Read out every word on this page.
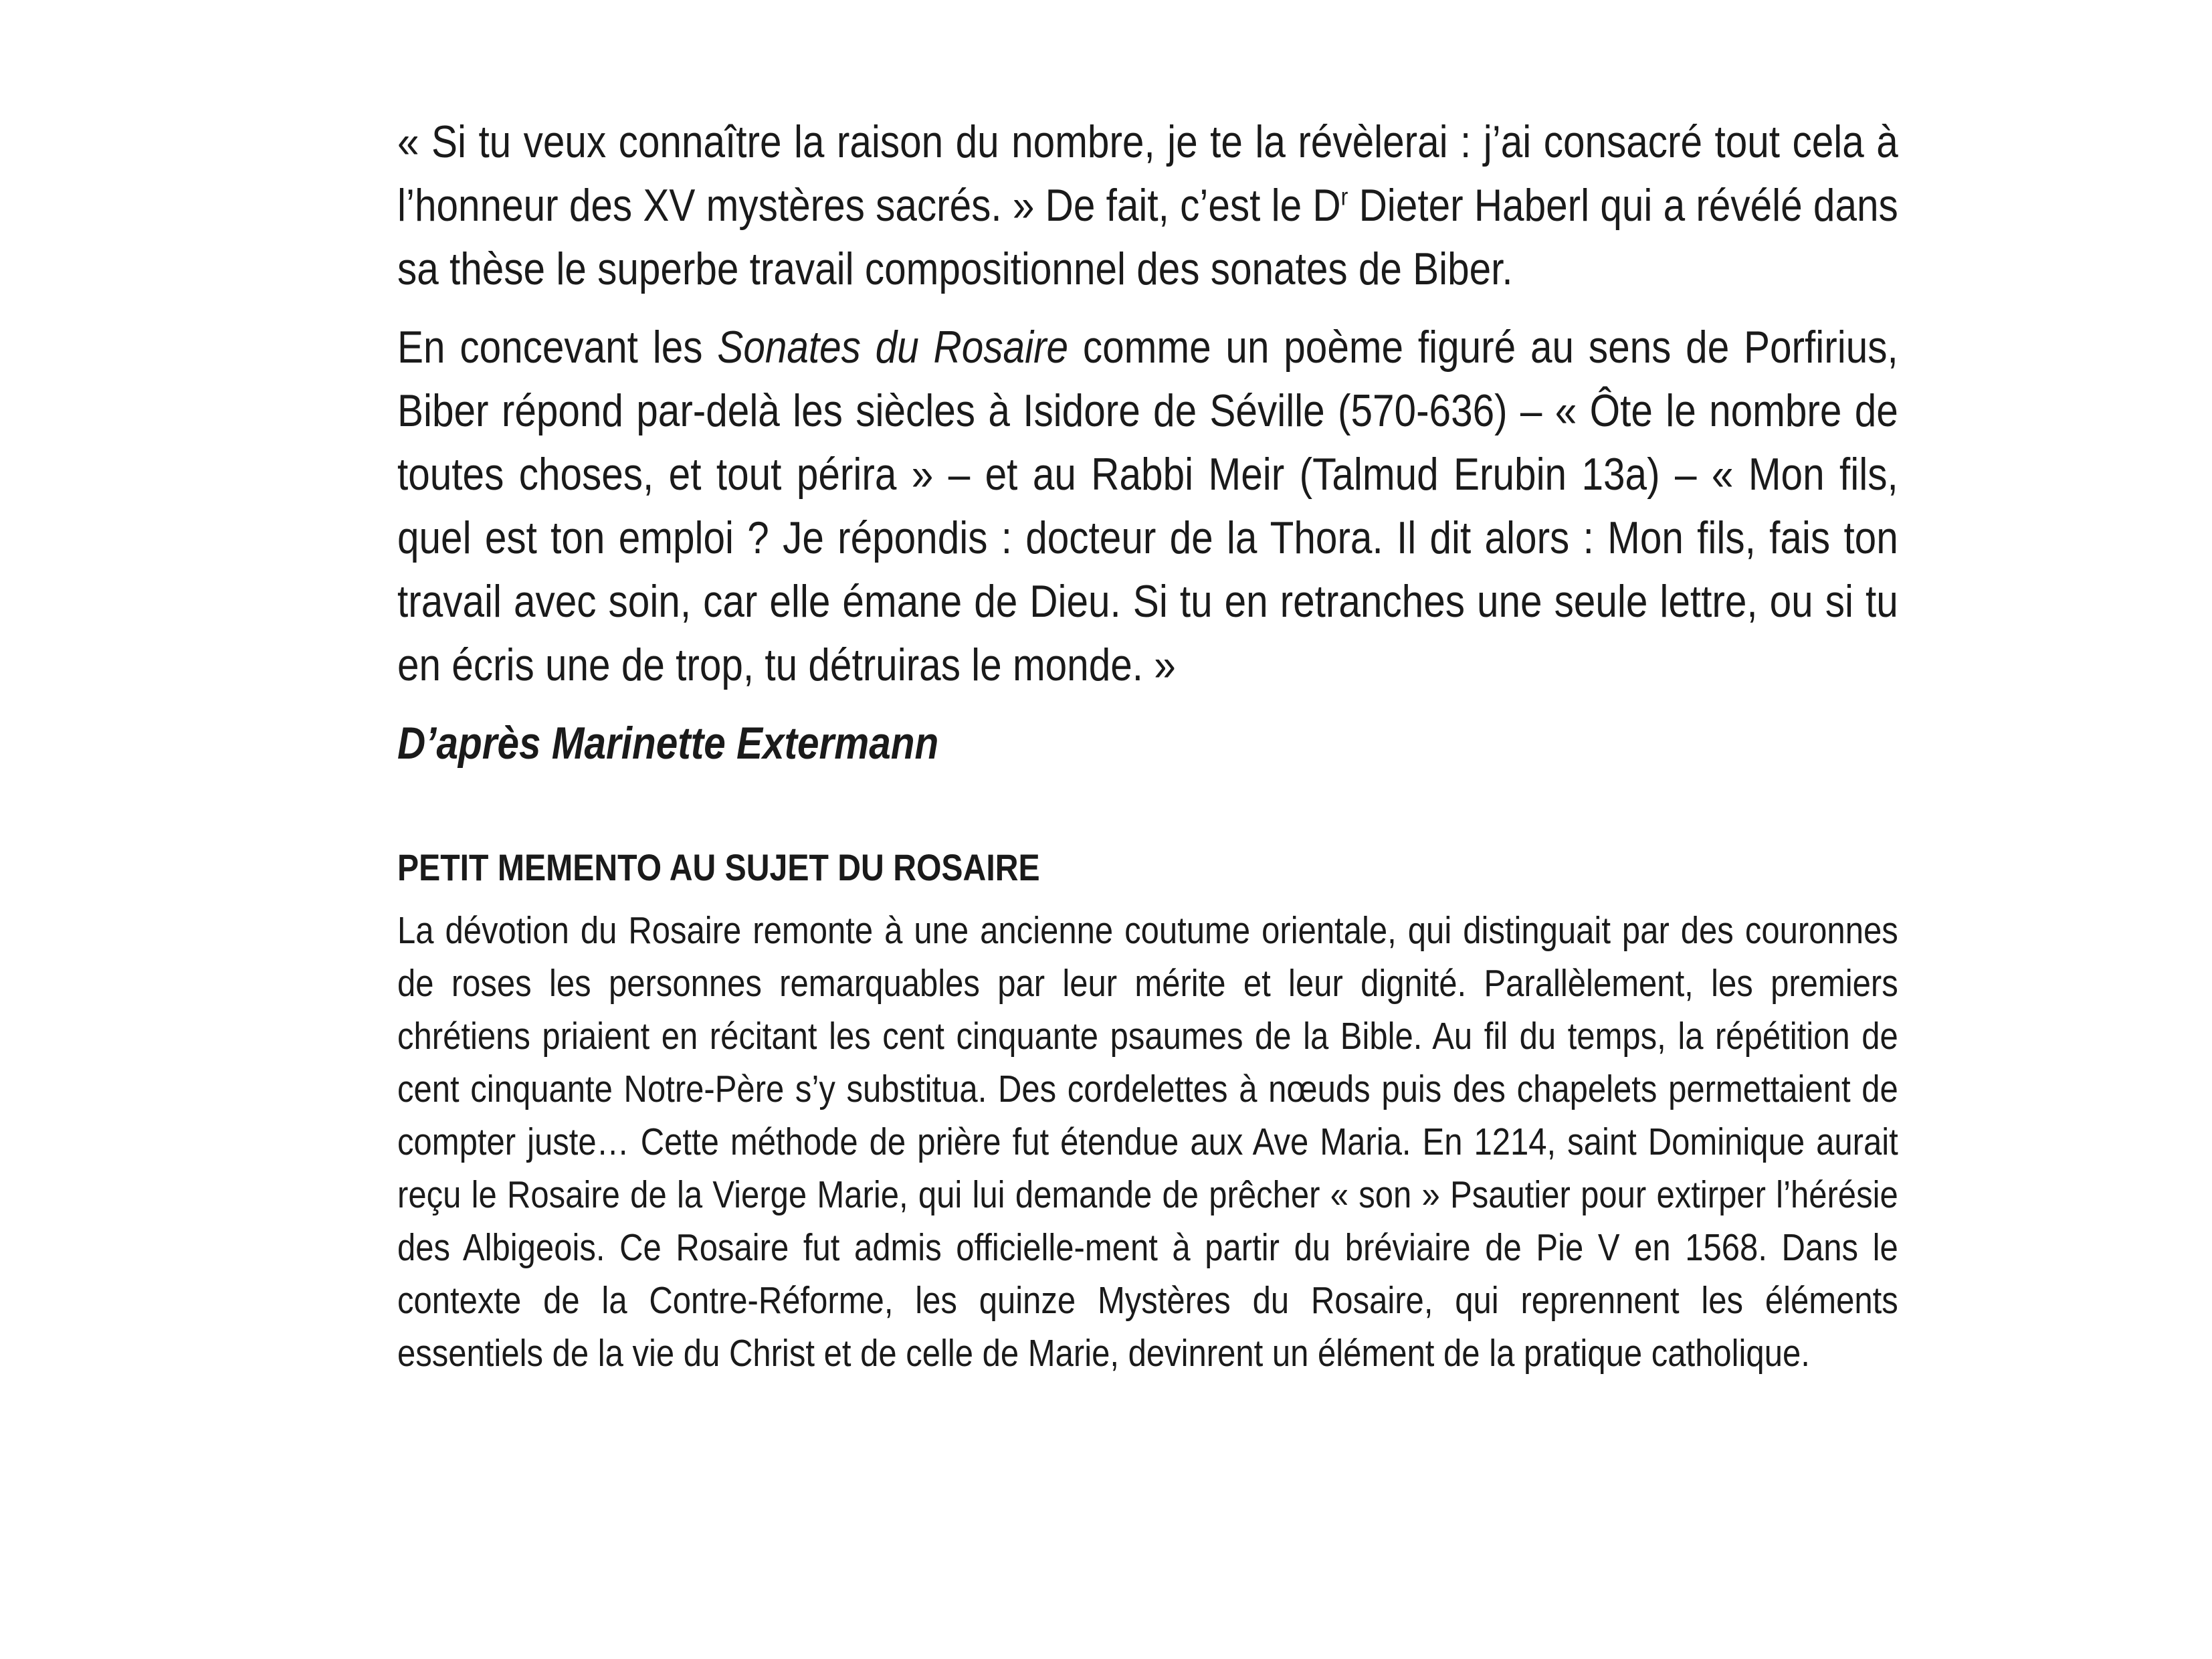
« Si tu veux connaître la raison du nombre, je te la révèlerai : j’ai consacré tout cela à l’honneur des XV mystères sacrés. » De fait, c’est le $D^r$ Dieter Haberl qui a révélé dans sa thèse le superbe travail compositionnel des sonates de Biber.

En concevant les Sonates du Rosaire comme un poème figuré au sens de Porfirius, Biber répond par-delà les siècles à Isidore de Séville (570-636) – « Ôte le nombre de toutes choses, et tout périra » – et au Rabbi Meir (Talmud Erubin 13a) – « Mon fils, quel est ton emploi ? Je répondis : docteur de la Thora. Il dit alors : Mon fils, fais ton travail avec soin, car elle émane de Dieu. Si tu en retranches une seule lettre, ou si tu en écris une de trop, tu détruiras le monde. »

D’après Marinette Extermann

PETIT MEMENTO AU SUJET DU ROSAIRE

La dévotion du Rosaire remonte à une ancienne coutume orientale, qui distinguait par des couronnes de roses les personnes remarquables par leur mérite et leur dignité. Parallèlement, les premiers chrétiens priaient en récitant les cent cinquante psaumes de la Bible. Au fil du temps, la répétition de cent cinquante Notre-Père s’y substitua. Des cordelettes à nœuds puis des chapelets permettaient de compter juste… Cette méthode de prière fut étendue aux Ave Maria. En 1214, saint Dominique aurait reçu le Rosaire de la Vierge Marie, qui lui demande de prêcher « son » Psautier pour extirper l’hérésie des Albigeois. Ce Rosaire fut admis officielle-ment à partir du bréviaire de Pie V en 1568. Dans le contexte de la Contre-Réforme, les quinze Mystères du Rosaire, qui reprennent les éléments essentiels de la vie du Christ et de celle de Marie, devinrent un élément de la pratique catholique.
